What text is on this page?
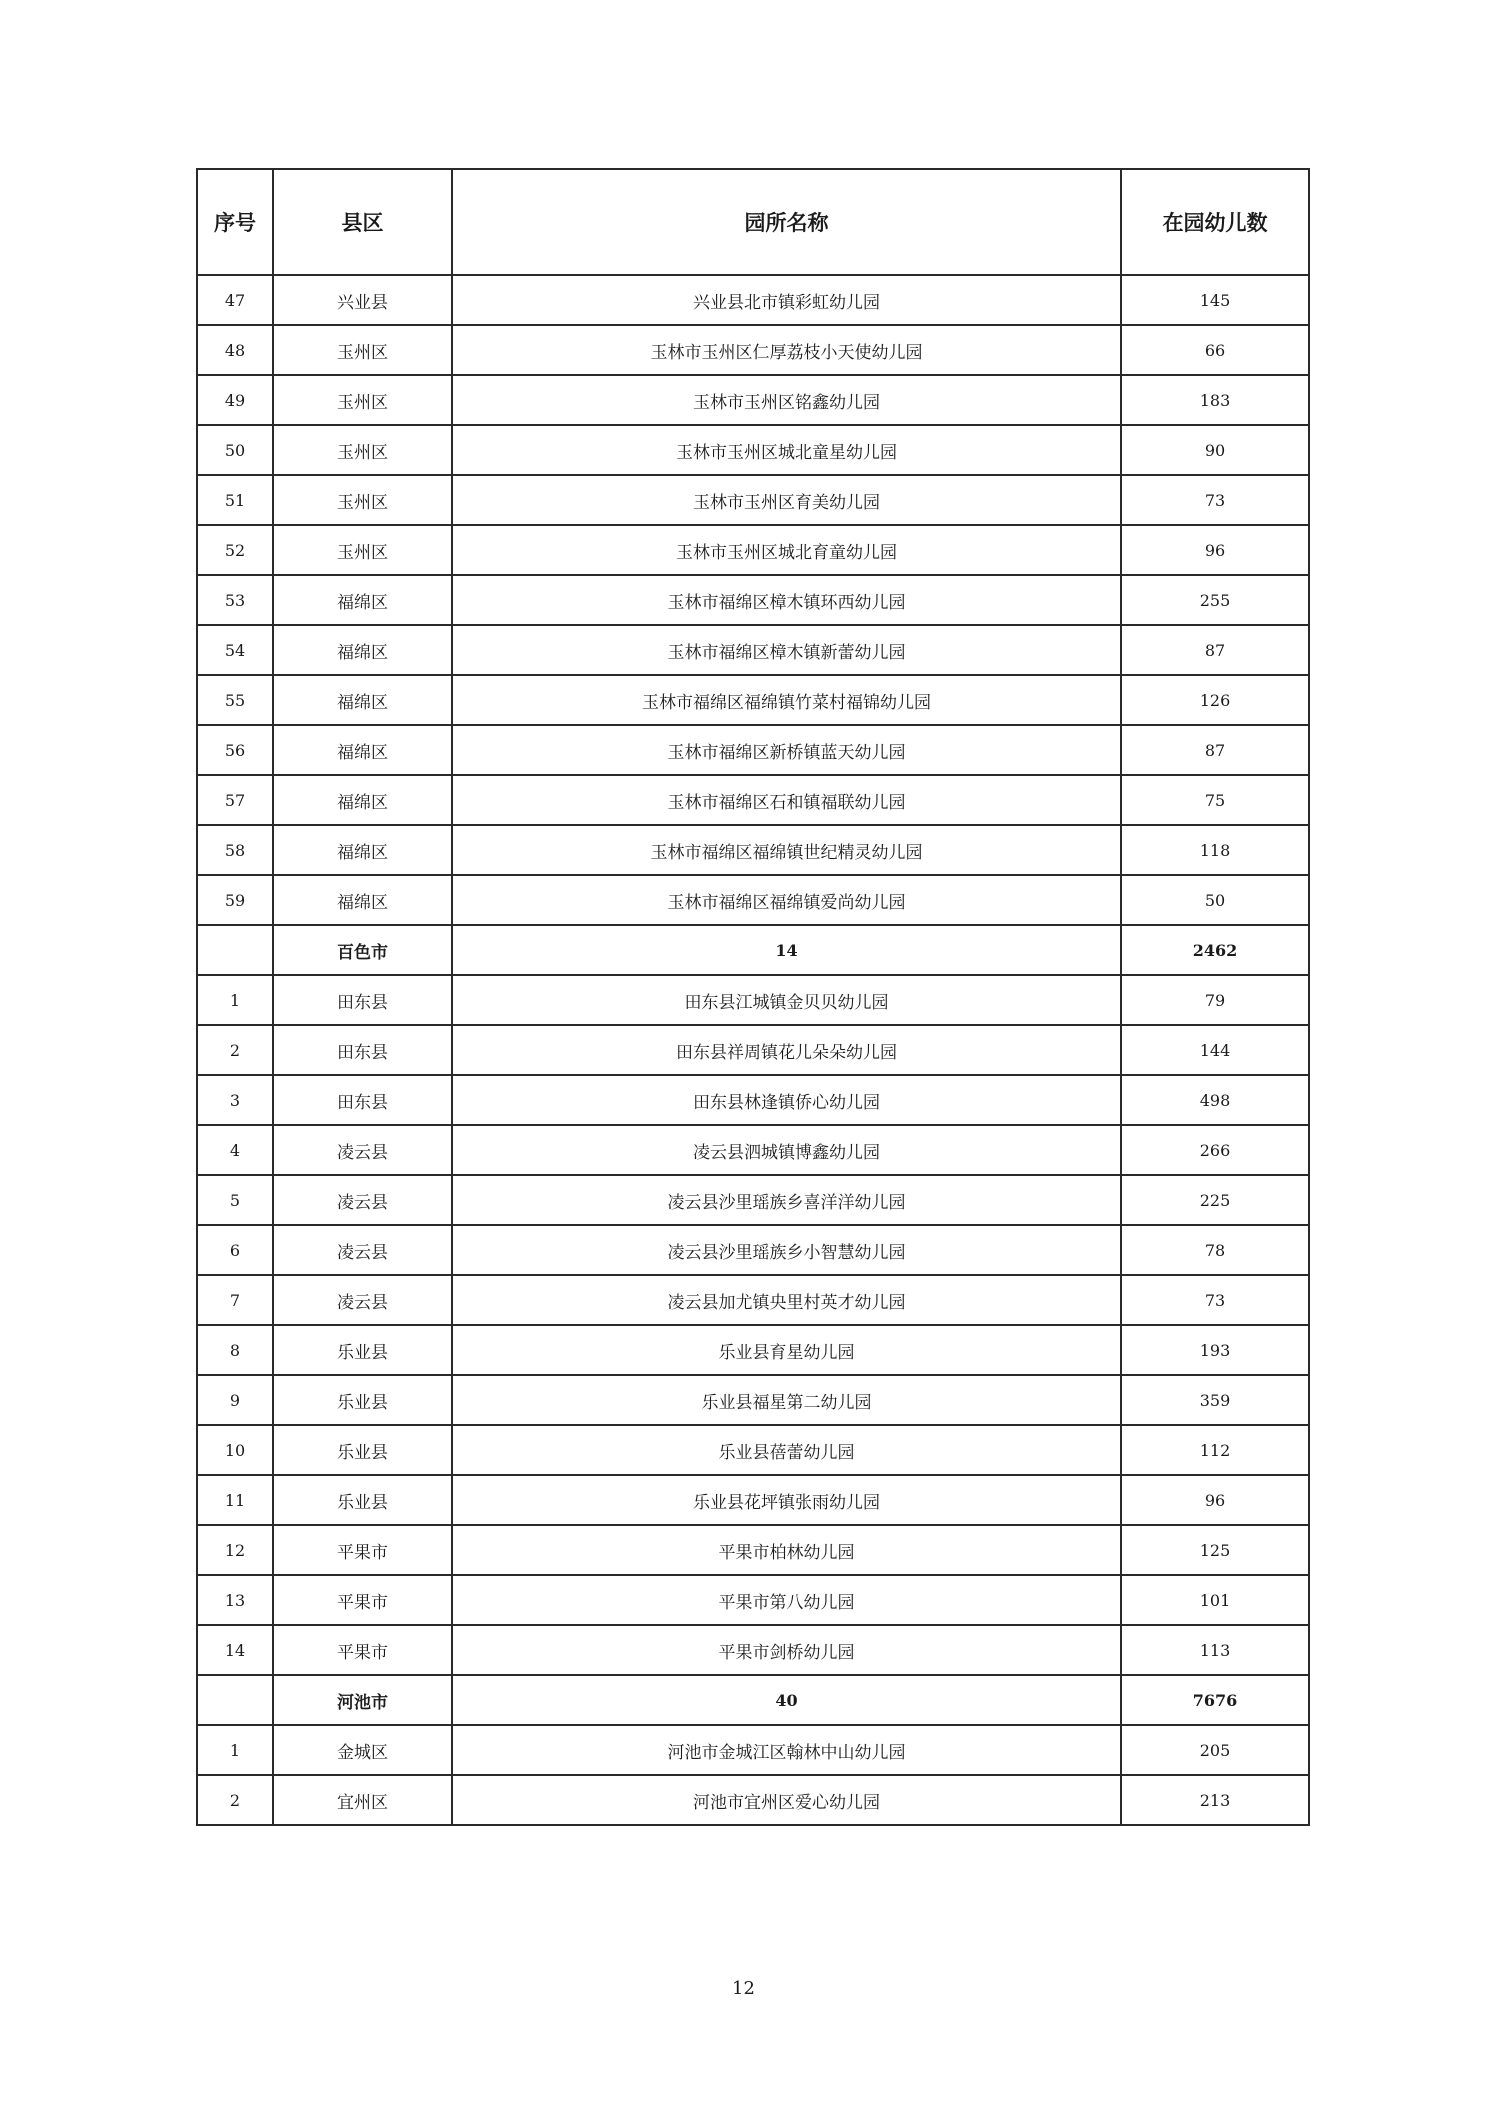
序号	县区	园所名称	在园幼儿数
47	兴业县	兴业县北市镇彩虹幼儿园	145
48	玉州区	玉林市玉州区仁厚荔枝小天使幼儿园	66
49	玉州区	玉林市玉州区铭鑫幼儿园	183
50	玉州区	玉林市玉州区城北童星幼儿园	90
51	玉州区	玉林市玉州区育美幼儿园	73
52	玉州区	玉林市玉州区城北育童幼儿园	96
53	福绵区	玉林市福绵区樟木镇环西幼儿园	255
54	福绵区	玉林市福绵区樟木镇新蕾幼儿园	87
55	福绵区	玉林市福绵区福绵镇竹菜村福锦幼儿园	126
56	福绵区	玉林市福绵区新桥镇蓝天幼儿园	87
57	福绵区	玉林市福绵区石和镇福联幼儿园	75
58	福绵区	玉林市福绵区福绵镇世纪精灵幼儿园	118
59	福绵区	玉林市福绵区福绵镇爱尚幼儿园	50
	百色市	14	2462
1	田东县	田东县江城镇金贝贝幼儿园	79
2	田东县	田东县祥周镇花儿朵朵幼儿园	144
3	田东县	田东县林逢镇侨心幼儿园	498
4	凌云县	凌云县泗城镇博鑫幼儿园	266
5	凌云县	凌云县沙里瑶族乡喜洋洋幼儿园	225
6	凌云县	凌云县沙里瑶族乡小智慧幼儿园	78
7	凌云县	凌云县加尤镇央里村英才幼儿园	73
8	乐业县	乐业县育星幼儿园	193
9	乐业县	乐业县福星第二幼儿园	359
10	乐业县	乐业县蓓蕾幼儿园	112
11	乐业县	乐业县花坪镇张雨幼儿园	96
12	平果市	平果市柏林幼儿园	125
13	平果市	平果市第八幼儿园	101
14	平果市	平果市剑桥幼儿园	113
	河池市	40	7676
1	金城区	河池市金城江区翰林中山幼儿园	205
2	宜州区	河池市宜州区爱心幼儿园	213
12
